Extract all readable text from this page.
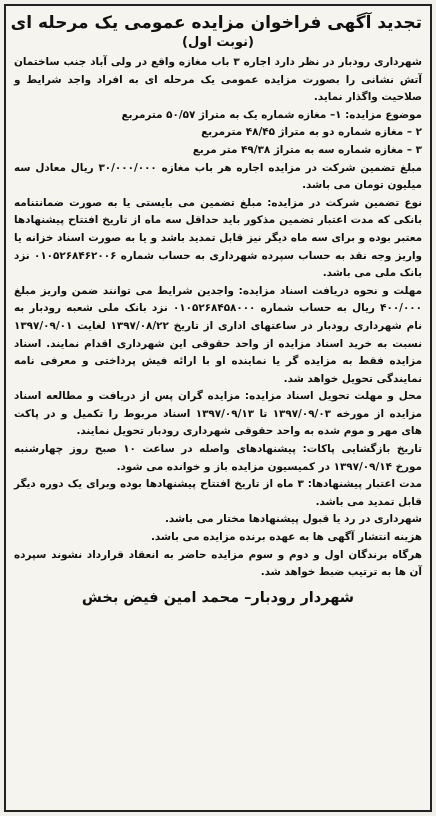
تجدید آگهی فراخوان مزایده عمومی یک مرحله ای
(نوبت اول)

شهرداری رودبار در نظر دارد اجاره ۳ باب مغازه واقع در ولی آباد جنب ساختمان آتش نشانی را بصورت مزایده عمومی یک مرحله ای به افراد واجد شرایط و صلاحیت واگذار نماید.

موضوع مزایده: ۱– مغازه شماره یک به متراژ ۵۰/۵۷ مترمربع

۲ – مغازه شماره دو به متراژ ۴۸/۴۵ مترمربع

۳ – مغازه شماره سه به متراژ ۴۹/۳۸ متر مربع

مبلغ تضمین شرکت در مزایده اجاره هر باب مغازه ۳۰/۰۰۰/۰۰۰ ریال معادل سه میلیون تومان می باشد.

نوع تضمین شرکت در مزایده: مبلغ تضمین می بایستی یا به صورت ضمانتنامه بانکی که مدت اعتبار تضمین مذکور باید حداقل سه ماه از تاریخ افتتاح پیشنهادها معتبر بوده و برای سه ماه دیگر نیز قابل تمدید باشد و یا به صورت اسناد خزانه یا واریز وجه نقد به حساب سپرده شهرداری به حساب شماره ۰۱۰۵۲۶۸۴۶۲۰۰۶ نزد بانک ملی می باشد.

مهلت و نحوه دریافت اسناد مزایده: واجدین شرایط می توانند ضمن واریز مبلغ ۴۰۰/۰۰۰ ریال به حساب شماره ۰۱۰۵۲۶۸۴۵۸۰۰۰ نزد بانک ملی شعبه رودبار به نام شهرداری رودبار در ساعتهای اداری از تاریخ ۱۳۹۷/۰۸/۲۲ لغایت ۱۳۹۷/۰۹/۰۱ نسبت به خرید اسناد مزایده از واحد حقوقی این شهرداری اقدام نمایند. اسناد مزایده فقط به مزایده گر یا نماینده او با ارائه فیش پرداختی و معرفی نامه نمایندگی تحویل خواهد شد.

محل و مهلت تحویل اسناد مزایده: مزایده گران پس از دریافت و مطالعه اسناد مزایده از مورخه ۱۳۹۷/۰۹/۰۳ تا ۱۳۹۷/۰۹/۱۳ اسناد مربوط را تکمیل و در پاکت های مهر و موم شده به واحد حقوقی شهرداری رودبار تحویل نمایند.

تاریخ بازگشایی پاکات: پیشنهادهای واصله در ساعت ۱۰ صبح روز چهارشنبه مورخ ۱۳۹۷/۰۹/۱۴ در کمیسیون مزایده باز و خوانده می شود.

مدت اعتبار پیشنهادها: ۳ ماه از تاریخ افتتاح پیشنهادها بوده وبرای یک دوره دیگر قابل تمدید می باشد.

شهرداری در رد یا قبول پیشنهادها مختار می باشد.

هزینه انتشار آگهی ها به عهده برنده مزایده می باشد.

هرگاه برندگان اول و دوم و سوم مزایده حاضر به انعقاد قرارداد نشوند سپرده آن ها به ترتیب ضبط خواهد شد.

شهردار رودبار– محمد امین فیض بخش
